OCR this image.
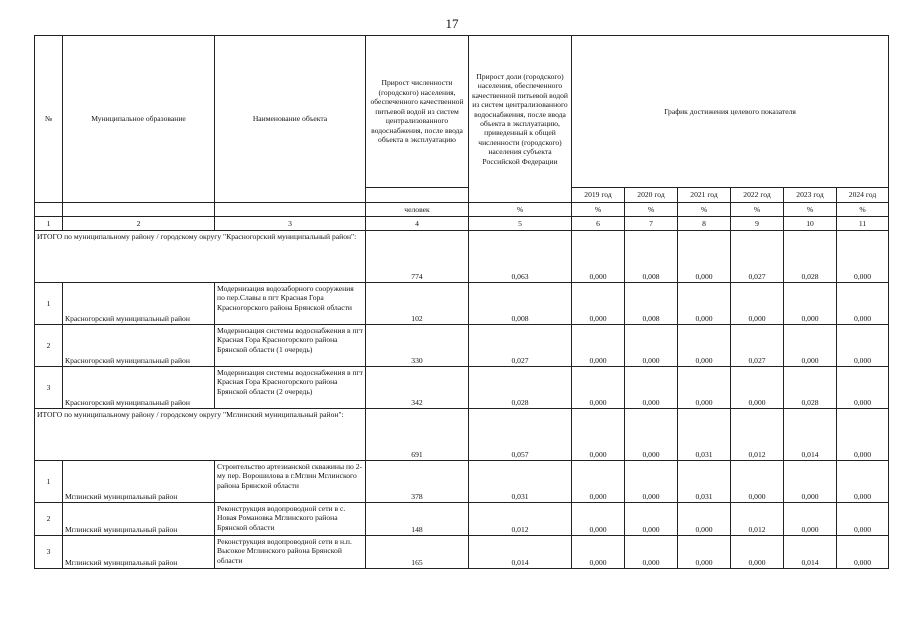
17
№	Муниципальное образование	Наименование объекта	Прирост численности (городского) населения, обеспеченного качественной питьевой водой из систем централизованного водоснабжения, после ввода объекта в эксплуатацию	Прирост доли (городского) населения, обеспеченного качественной питьевой водой из систем централизованного водоснабжения, после ввода объекта в эксплуатацию, приведенный к общей численности (городского) населения субъекта Российской Федерации	График достижения целевого показателя					
					2019 год	2020 год	2021 год	2022 год	2023 год	2024 год
			человек	%	%	%	%	%	%	%
1	2	3	4	5	6	7	8	9	10	11
ИТОГО по муниципальному району / городскому округу "Красногорский муниципальный район":			774	0,063	0,000	0,008	0,000	0,027	0,028	0,000
1	Красногорский муниципальный район	Модернизация водозаборного сооружения по пер.Славы в пгт Красная Гора Красногорского района Брянской области	102	0,008	0,000	0,008	0,000	0,000	0,000	0,000
2	Красногорский муниципальный район	Модернизация системы водоснабжения в пгт Красная Гора Красногорского района Брянской области (1 очередь)	330	0,027	0,000	0,000	0,000	0,027	0,000	0,000
3	Красногорский муниципальный район	Модернизация системы водоснабжения в пгт Красная Гора Красногорского района Брянской области (2 очередь)	342	0,028	0,000	0,000	0,000	0,000	0,028	0,000
ИТОГО по муниципальному району / городскому округу "Мглинский муниципальный район":			691	0,057	0,000	0,000	0,031	0,012	0,014	0,000
1	Мглинский муниципальный район	Строительство артезианской скважины по 2-му пер. Ворошилова в г.Мглин Мглинского района Брянской области	378	0,031	0,000	0,000	0,031	0,000	0,000	0,000
2	Мглинский муниципальный район	Реконструкция водопроводной сети в с. Новая Романовка Мглинского района Брянской области	148	0,012	0,000	0,000	0,000	0,012	0,000	0,000
3	Мглинский муниципальный район	Реконструкция водопроводной сети в н.п. Высокое Мглинского района Брянской области	165	0,014	0,000	0,000	0,000	0,000	0,014	0,000
